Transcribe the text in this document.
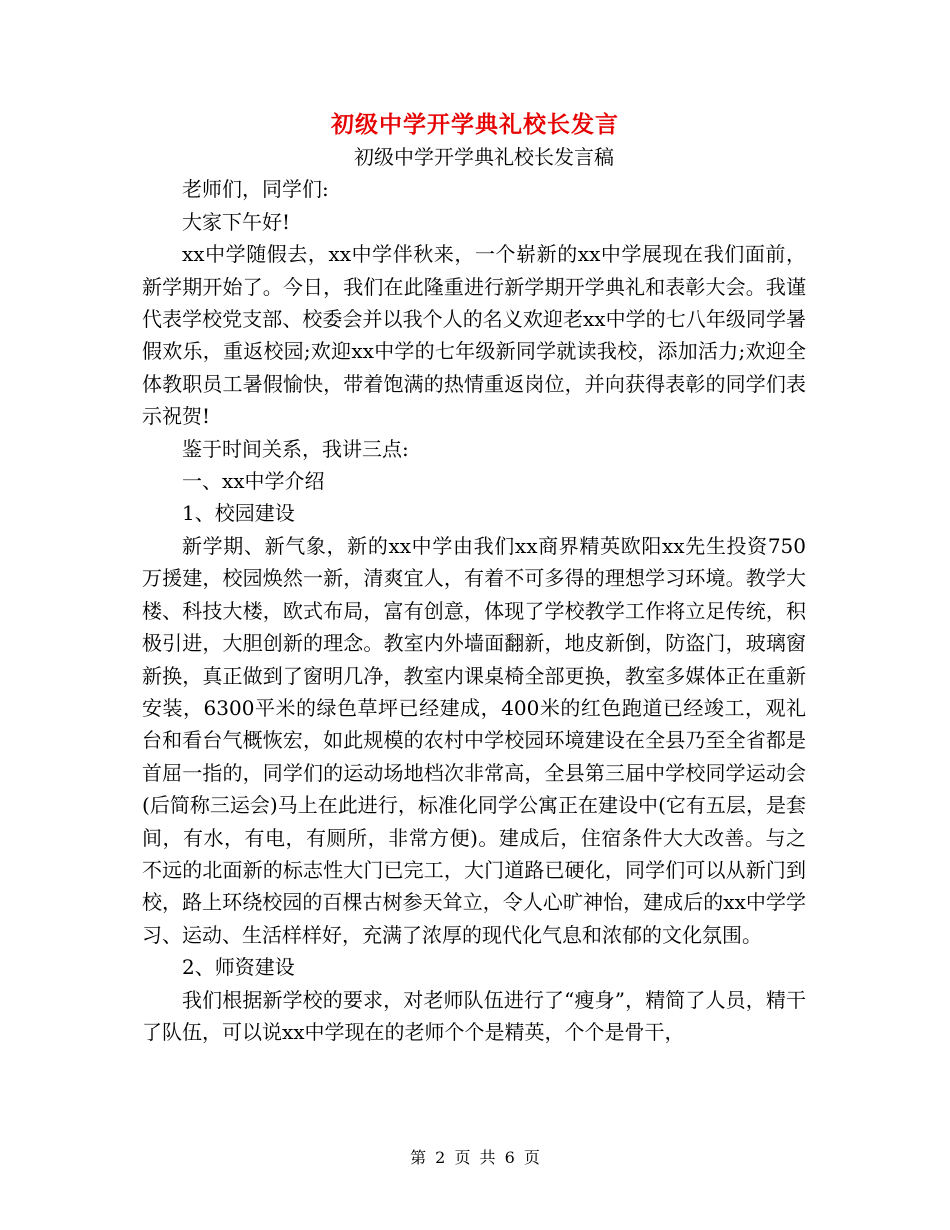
初级中学开学典礼校长发言

初级中学开学典礼校长发言稿

老师们，同学们:

大家下午好!

xx中学随假去，xx中学伴秋来，一个崭新的xx中学展现在我们面前，新学期开始了。今日，我们在此隆重进行新学期开学典礼和表彰大会。我谨代表学校党支部、校委会并以我个人的名义欢迎老xx中学的七八年级同学暑假欢乐，重返校园;欢迎xx中学的七年级新同学就读我校，添加活力;欢迎全体教职员工暑假愉快，带着饱满的热情重返岗位，并向获得表彰的同学们表示祝贺!

鉴于时间关系，我讲三点:

一、xx中学介绍

1、校园建设

新学期、新气象，新的xx中学由我们xx商界精英欧阳xx先生投资750万援建，校园焕然一新，清爽宜人，有着不可多得的理想学习环境。教学大楼、科技大楼，欧式布局，富有创意，体现了学校教学工作将立足传统，积极引进，大胆创新的理念。教室内外墙面翻新，地皮新倒，防盗门，玻璃窗新换，真正做到了窗明几净，教室内课桌椅全部更换，教室多媒体正在重新安装，6300平米的绿色草坪已经建成，400米的红色跑道已经竣工，观礼台和看台气概恢宏，如此规模的农村中学校园环境建设在全县乃至全省都是首屈一指的，同学们的运动场地档次非常高，全县第三届中学校同学运动会(后简称三运会)马上在此进行，标准化同学公寓正在建设中(它有五层，是套间，有水，有电，有厕所，非常方便)。建成后，住宿条件大大改善。与之不远的北面新的标志性大门已完工，大门道路已硬化，同学们可以从新门到校，路上环绕校园的百棵古树参天耸立，令人心旷神怡，建成后的xx中学学习、运动、生活样样好，充满了浓厚的现代化气息和浓郁的文化氛围。

2、师资建设

我们根据新学校的要求，对老师队伍进行了“瘦身”，精简了人员，精干了队伍，可以说xx中学现在的老师个个是精英，个个是骨干，

第 2 页 共 6 页
